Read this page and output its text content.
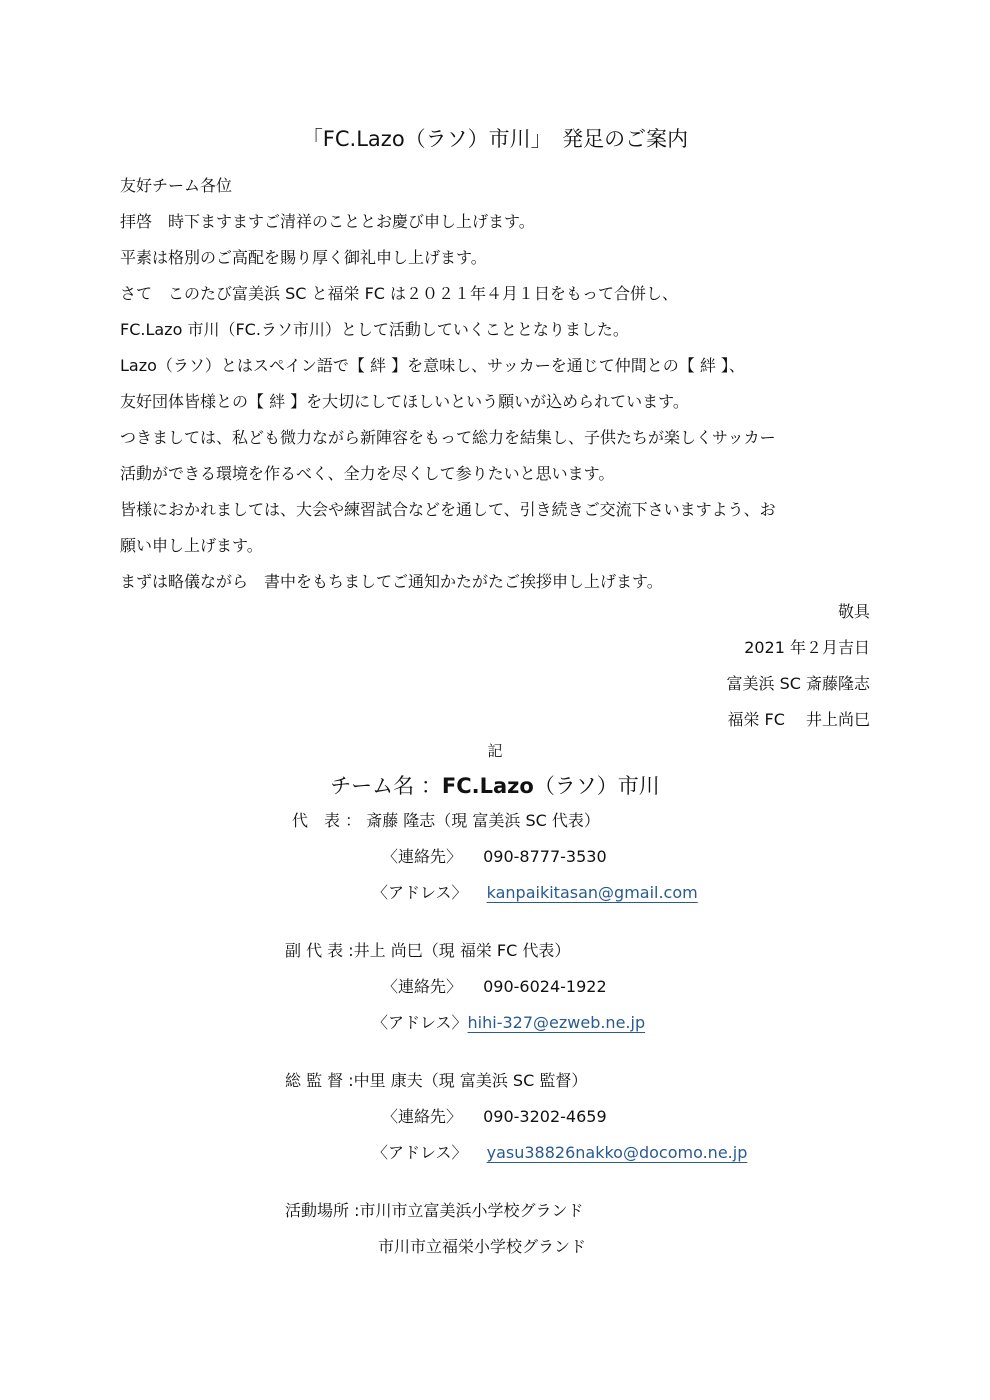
「FC.Lazo（ラソ）市川」　発足のご案内

友好チーム各位

拝啓　時下ますますご清祥のこととお慶び申し上げます。

平素は格別のご高配を賜り厚く御礼申し上げます。

さて　このたび富美浜 SC と福栄 FC は２０２１年４月１日をもって合併し、

FC.Lazo 市川（FC.ラソ市川）として活動していくこととなりました。

Lazo（ラソ）とはスペイン語で【 絆 】を意味し、サッカーを通じて仲間との【 絆 】、

友好団体皆様との【 絆 】を大切にしてほしいという願いが込められています。

つきましては、私ども微力ながら新陣容をもって総力を結集し、子供たちが楽しくサッカー

活動ができる環境を作るべく、全力を尽くして参りたいと思います。

皆様におかれましては、大会や練習試合などを通して、引き続きご交流下さいますよう、お

願い申し上げます。

まずは略儀ながら　書中をもちましてご通知かたがたご挨拶申し上げます。

敬具
2021 年２月吉日
富美浜 SC 斎藤隆志
福栄 FC　 井上尚巳
記
チーム名 ：FC.Lazo（ラソ）市川
代　表 ： 斎藤 隆志（現 富美浜 SC 代表）
〈連絡先〉 090-8777-3530
〈アドレス〉 kanpaikitasan@gmail.com
副 代 表 :井上 尚巳（現 福栄 FC 代表）
〈連絡先〉 090-6024-1922
〈アドレス〉hihi-327@ezweb.ne.jp
総 監 督 :中里 康夫（現 富美浜 SC 監督）
〈連絡先〉 090-3202-4659
〈アドレス〉 yasu38826nakko@docomo.ne.jp
活動場所 :市川市立富美浜小学校グランド
市川市立福栄小学校グランド
